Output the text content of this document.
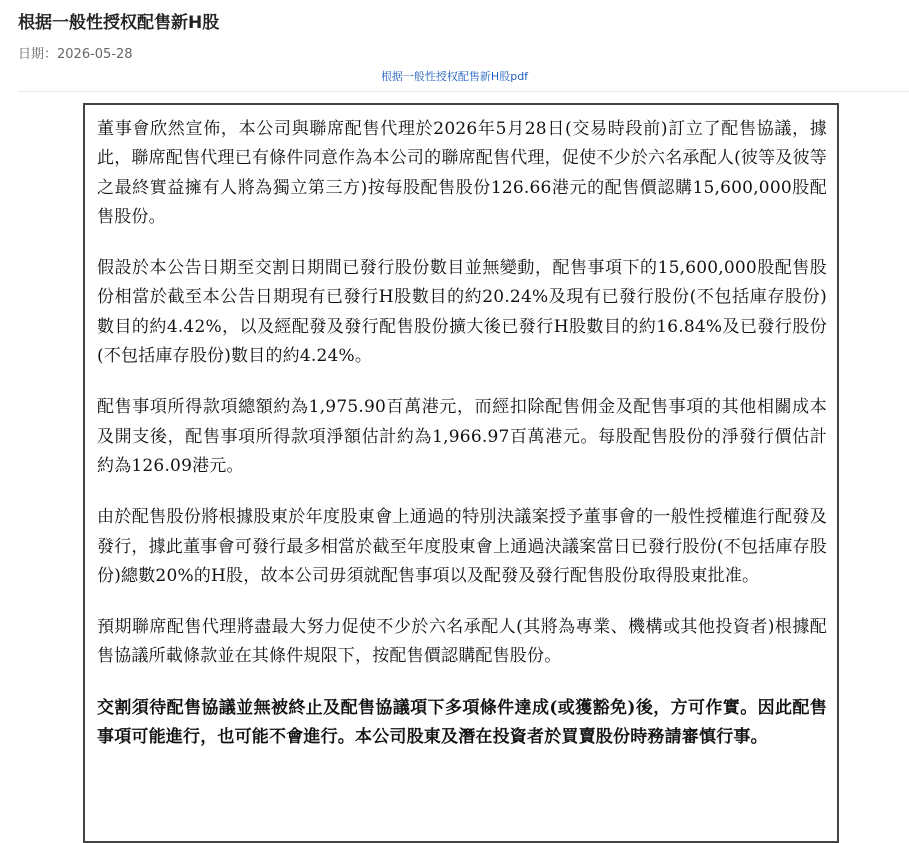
根据一般性授权配售新H股
日期：2026-05-28
根据一般性授权配售新H股pdf

董事會欣然宣佈，本公司與聯席配售代理於2026年5月28日(交易時段前)訂立了配售協議，據此，聯席配售代理已有條件同意作為本公司的聯席配售代理，促使不少於六名承配人(彼等及彼等之最終實益擁有人將為獨立第三方)按每股配售股份126.66港元的配售價認購15,600,000股配售股份。

假設於本公告日期至交割日期間已發行股份數目並無變動，配售事項下的15,600,000股配售股份相當於截至本公告日期現有已發行H股數目的約20.24%及現有已發行股份(不包括庫存股份)數目的約4.42%，以及經配發及發行配售股份擴大後已發行H股數目的約16.84%及已發行股份(不包括庫存股份)數目的約4.24%。

配售事項所得款項總額約為1,975.90百萬港元，而經扣除配售佣金及配售事項的其他相關成本及開支後，配售事項所得款項淨額估計約為1,966.97百萬港元。每股配售股份的淨發行價估計約為126.09港元。

由於配售股份將根據股東於年度股東會上通過的特別決議案授予董事會的一般性授權進行配發及發行，據此董事會可發行最多相當於截至年度股東會上通過決議案當日已發行股份(不包括庫存股份)總數20%的H股，故本公司毋須就配售事項以及配發及發行配售股份取得股東批准。

預期聯席配售代理將盡最大努力促使不少於六名承配人(其將為專業、機構或其他投資者)根據配售協議所載條款並在其條件規限下，按配售價認購配售股份。

交割須待配售協議並無被終止及配售協議項下多項條件達成(或獲豁免)後，方可作實。因此配售事項可能進行，也可能不會進行。本公司股東及潛在投資者於買賣股份時務請審慎行事。
